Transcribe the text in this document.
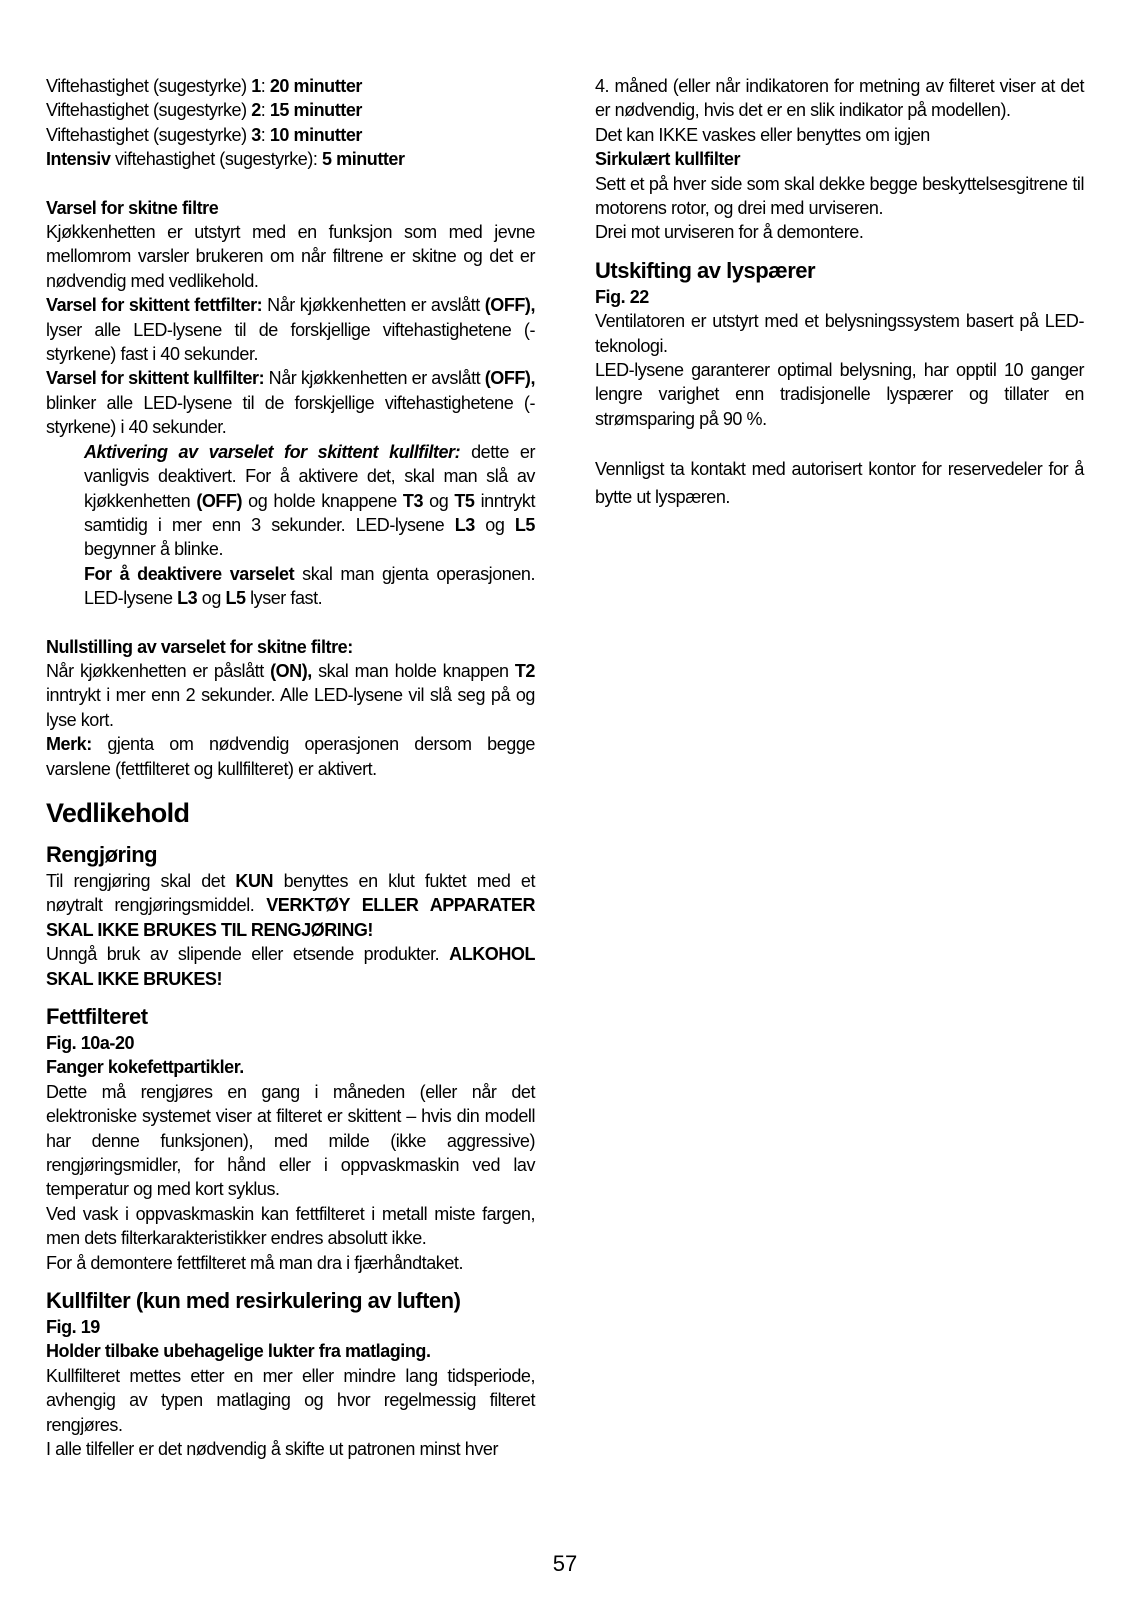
Viftehastighet (sugestyrke) 1: 20 minutter

Viftehastighet (sugestyrke) 2: 15 minutter

Viftehastighet (sugestyrke) 3: 10 minutter

Intensiv viftehastighet (sugestyrke): 5 minutter

Varsel for skitne filtre

Kjøkkenhetten er utstyrt med en funksjon som med jevne mellomrom varsler brukeren om når filtrene er skitne og det er nødvendig med vedlikehold.

Varsel for skittent fettfilter: Når kjøkkenhetten er avslått (OFF), lyser alle LED-lysene til de forskjellige viftehastighetene (-styrkene) fast i 40 sekunder.

Varsel for skittent kullfilter: Når kjøkkenhetten er avslått (OFF), blinker alle LED-lysene til de forskjellige viftehastighetene (-styrkene) i 40 sekunder.

Aktivering av varselet for skittent kullfilter: dette er vanligvis deaktivert. For å aktivere det, skal man slå av kjøkkenhetten (OFF) og holde knappene T3 og T5 inntrykt samtidig i mer enn 3 sekunder. LED-lysene L3 og L5 begynner å blinke.

For å deaktivere varselet skal man gjenta operasjonen. LED-lysene L3 og L5 lyser fast.

Nullstilling av varselet for skitne filtre:

Når kjøkkenhetten er påslått (ON), skal man holde knappen T2 inntrykt i mer enn 2 sekunder. Alle LED-lysene vil slå seg på og lyse kort.

Merk: gjenta om nødvendig operasjonen dersom begge varslene (fettfilteret og kullfilteret) er aktivert.

Vedlikehold
Rengjøring

Til rengjøring skal det KUN benyttes en klut fuktet med et nøytralt rengjøringsmiddel. VERKTØY ELLER APPARATER SKAL IKKE BRUKES TIL RENGJØRING!

Unngå bruk av slipende eller etsende produkter. ALKOHOL SKAL IKKE BRUKES!

Fettfilteret

Fig. 10a-20

Fanger kokefettpartikler.

Dette må rengjøres en gang i måneden (eller når det elektroniske systemet viser at filteret er skittent – hvis din modell har denne funksjonen), med milde (ikke aggressive) rengjøringsmidler, for hånd eller i oppvaskmaskin ved lav temperatur og med kort syklus.

Ved vask i oppvaskmaskin kan fettfilteret i metall miste fargen, men dets filterkarakteristikker endres absolutt ikke.

For å demontere fettfilteret må man dra i fjærhåndtaket.

Kullfilter (kun med resirkulering av luften)

Fig. 19

Holder tilbake ubehagelige lukter fra matlaging.

Kullfilteret mettes etter en mer eller mindre lang tidsperiode, avhengig av typen matlaging og hvor regelmessig filteret rengjøres.

I alle tilfeller er det nødvendig å skifte ut patronen minst hver

4. måned (eller når indikatoren for metning av filteret viser at det er nødvendig, hvis det er en slik indikator på modellen).

Det kan IKKE vaskes eller benyttes om igjen

Sirkulært kullfilter

Sett et på hver side som skal dekke begge beskyttelsesgitrene til motorens rotor, og drei med urviseren.

Drei mot urviseren for å demontere.

Utskifting av lyspærer

Fig. 22

Ventilatoren er utstyrt med et belysningssystem basert på LED-teknologi.

LED-lysene garanterer optimal belysning, har opptil 10 ganger lengre varighet enn tradisjonelle lyspærer og tillater en strømsparing på 90 %.

Vennligst ta kontakt med autorisert kontor for reservedeler for å bytte ut lyspæren.

57
